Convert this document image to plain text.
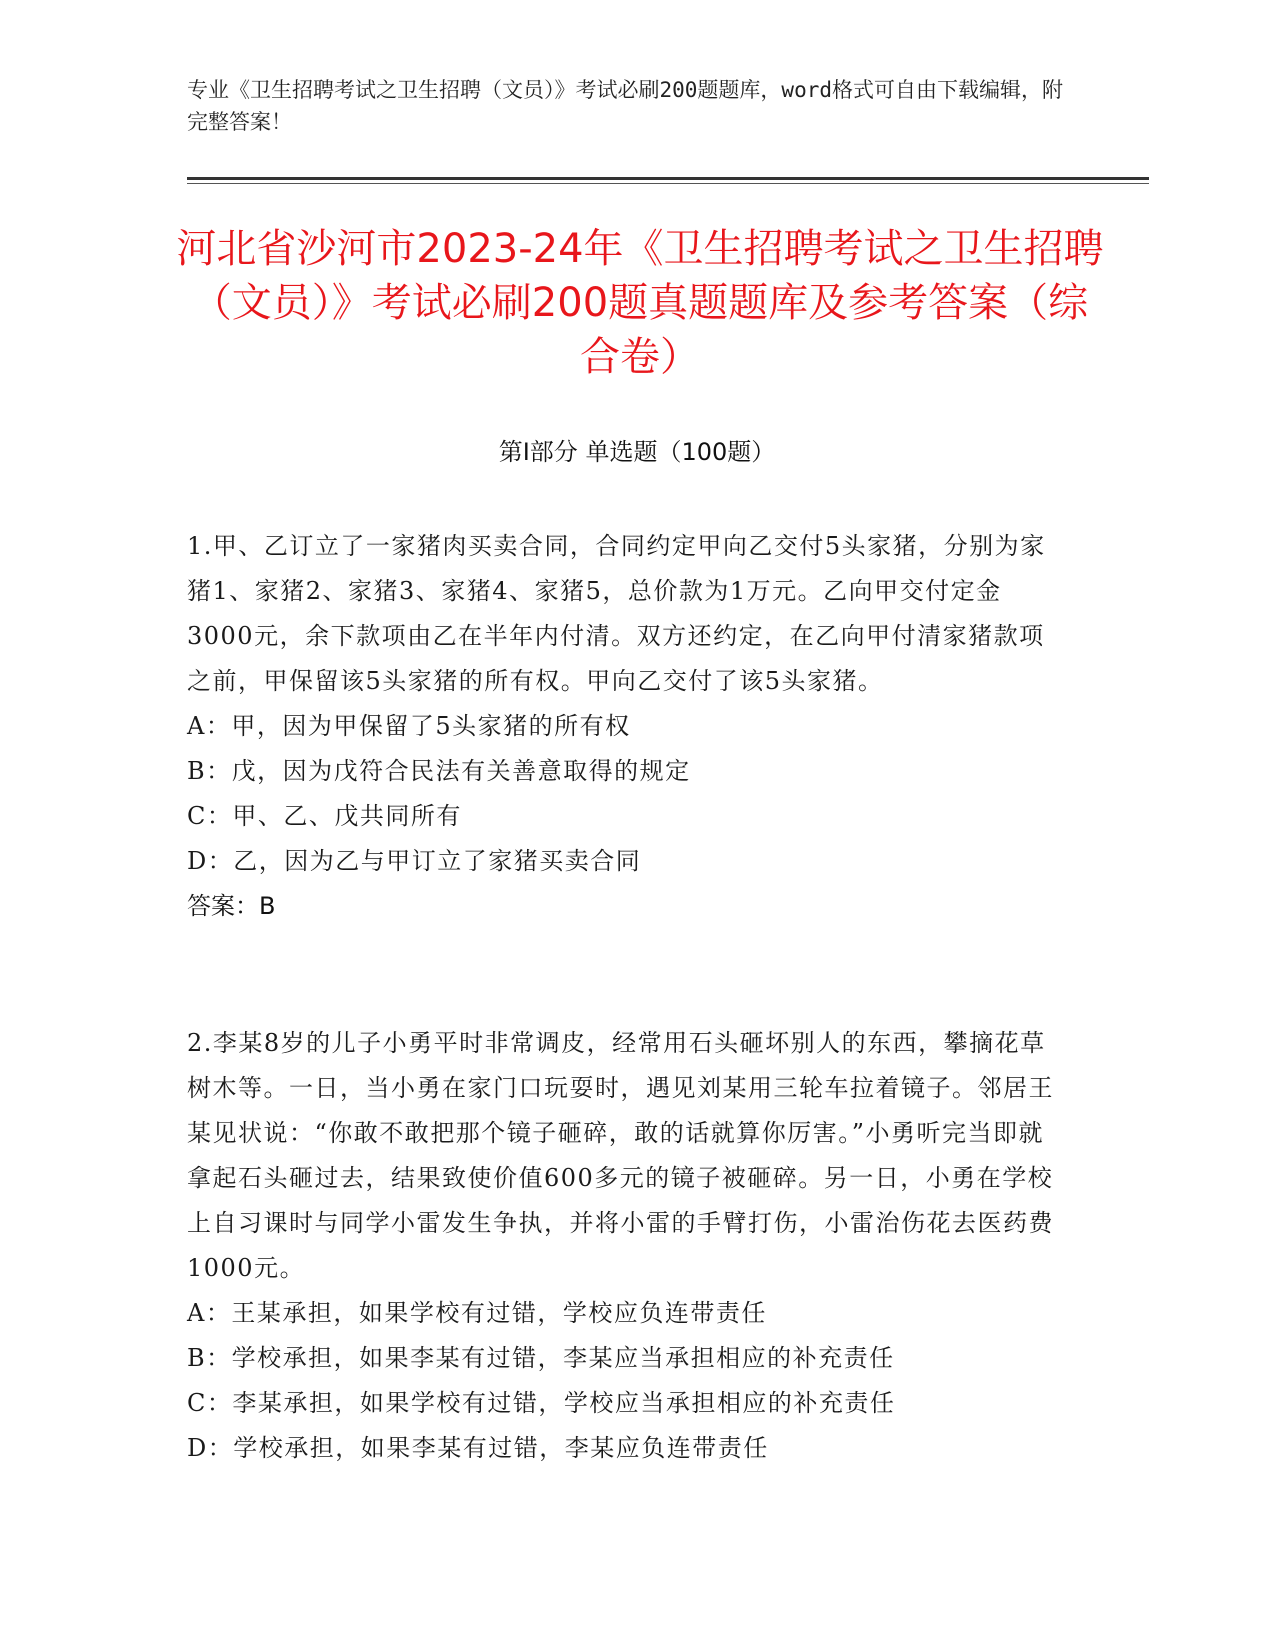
专业《卫生招聘考试之卫生招聘（文员）》考试必刷200题题库，word格式可自由下载编辑，附完整答案！
河北省沙河市2023-24年《卫生招聘考试之卫生招聘（文员）》考试必刷200题真题题库及参考答案（综合卷）
第Ⅰ部分 单选题（100题）
1.甲、乙订立了一家猪肉买卖合同，合同约定甲向乙交付5头家猪，分别为家猪1、家猪2、家猪3、家猪4、家猪5，总价款为1万元。乙向甲交付定金3000元，余下款项由乙在半年内付清。双方还约定，在乙向甲付清家猪款项之前，甲保留该5头家猪的所有权。甲向乙交付了该5头家猪。
A：甲，因为甲保留了5头家猪的所有权
B：戊，因为戊符合民法有关善意取得的规定
C：甲、乙、戊共同所有
D：乙，因为乙与甲订立了家猪买卖合同
答案：B
2.李某8岁的儿子小勇平时非常调皮，经常用石头砸坏别人的东西，攀摘花草树木等。一日，当小勇在家门口玩耍时，遇见刘某用三轮车拉着镜子。邻居王某见状说：“你敢不敢把那个镜子砸碎，敢的话就算你厉害。”小勇听完当即就拿起石头砸过去，结果致使价值600多元的镜子被砸碎。另一日，小勇在学校上自习课时与同学小雷发生争执，并将小雷的手臂打伤，小雷治伤花去医药费1000元。
A：王某承担，如果学校有过错，学校应负连带责任
B：学校承担，如果李某有过错，李某应当承担相应的补充责任
C：李某承担，如果学校有过错，学校应当承担相应的补充责任
D：学校承担，如果李某有过错，李某应负连带责任
